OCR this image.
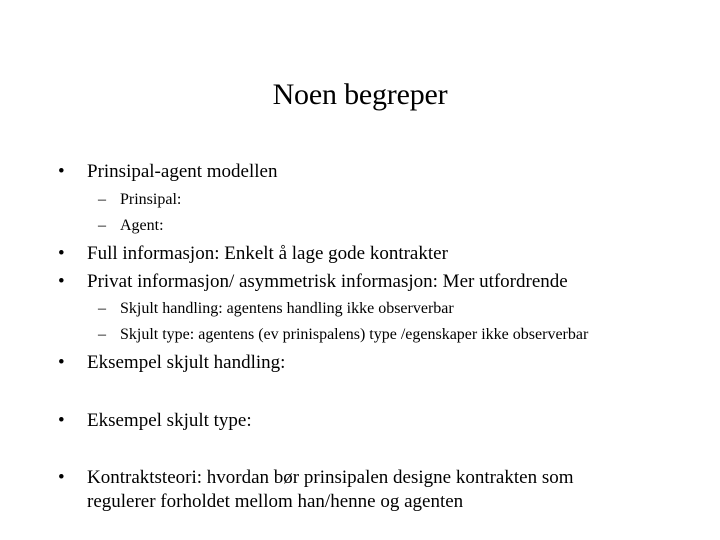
Noen begreper
• Prinsipal-agent modellen
– Prinsipal:
– Agent:
• Full informasjon: Enkelt å lage gode kontrakter
• Privat informasjon/ asymmetrisk informasjon: Mer utfordrende
– Skjult handling: agentens handling ikke observerbar
– Skjult type: agentens (ev prinispalens) type /egenskaper ikke observerbar
• Eksempel skjult handling:
• Eksempel skjult type:
• Kontraktsteori: hvordan bør prinsipalen designe kontrakten som regulerer forholdet mellom han/henne og agenten
